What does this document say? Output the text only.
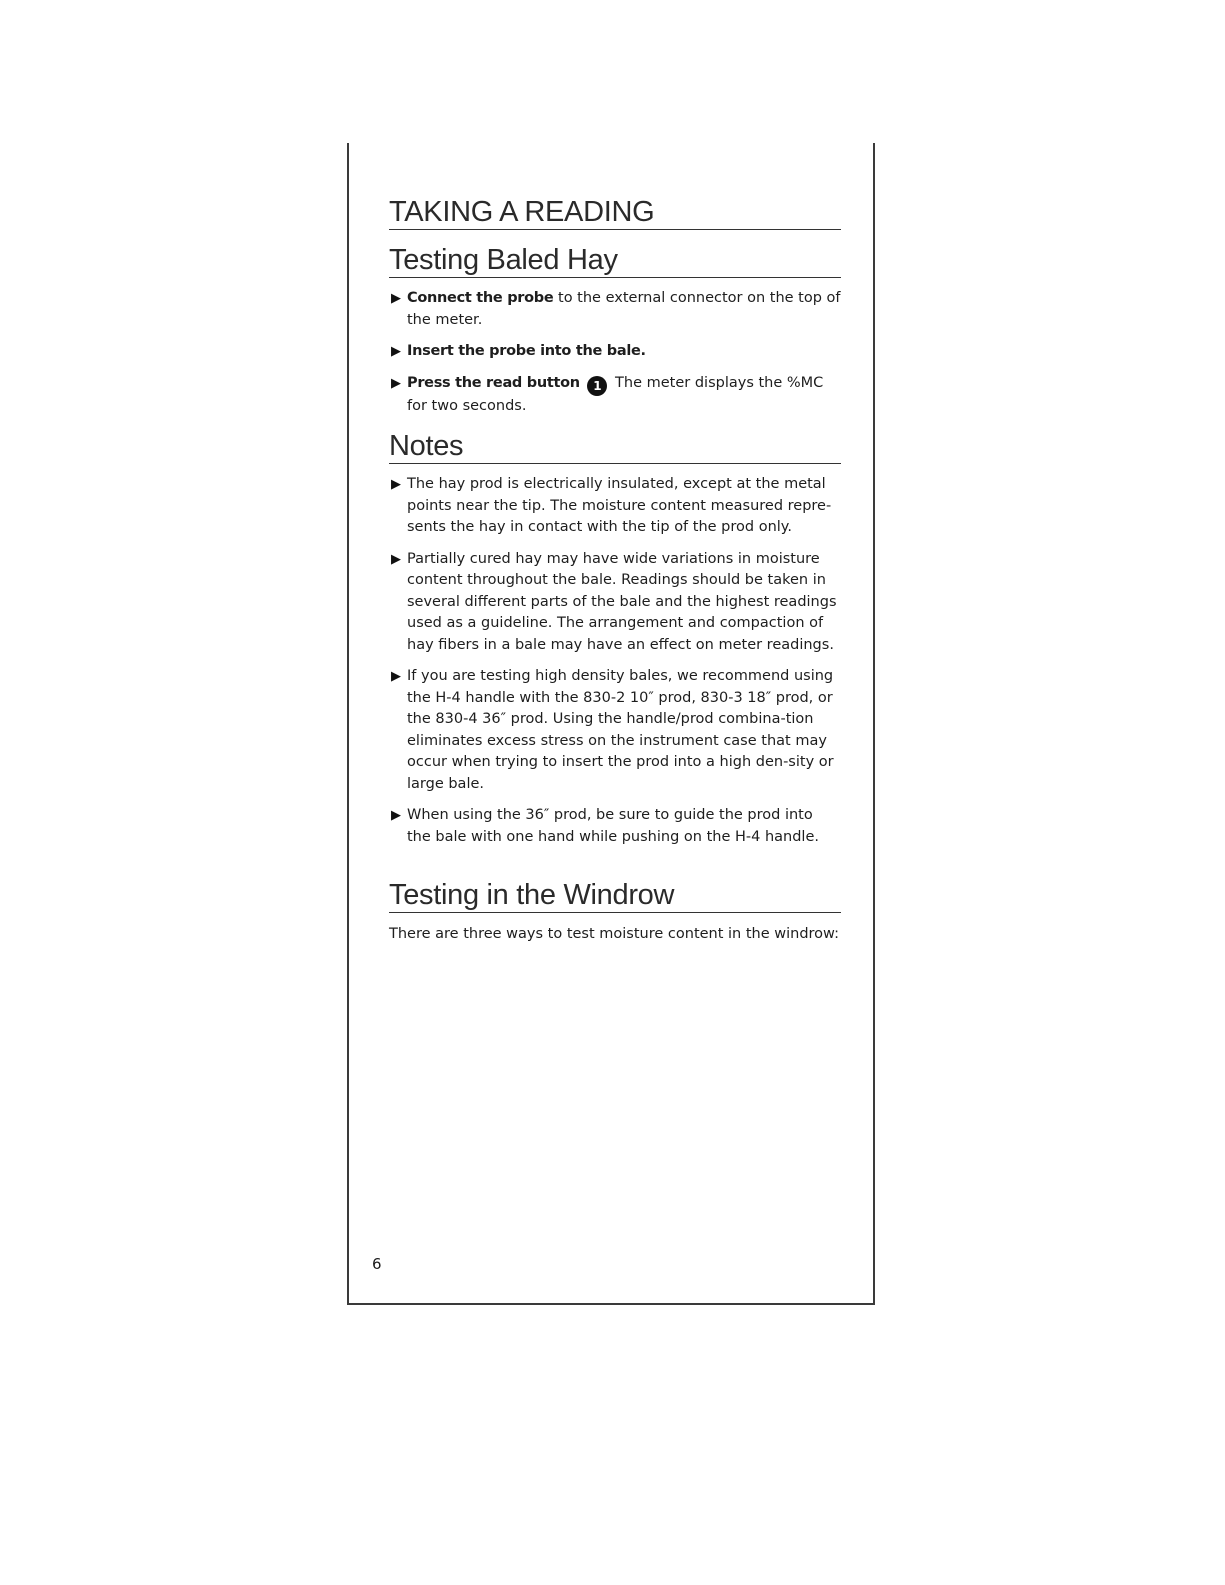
TAKING A READING
Testing Baled Hay
▶ Connect the probe to the external connector on the top of the meter.
▶ Insert the probe into the bale.
▶ Press the read button 1 The meter displays the %MC for two seconds.
Notes
▶ The hay prod is electrically insulated, except at the metal points near the tip. The moisture content measured repre-sents the hay in contact with the tip of the prod only.
▶ Partially cured hay may have wide variations in moisture content throughout the bale. Readings should be taken in several different parts of the bale and the highest readings used as a guideline. The arrangement and compaction of hay fibers in a bale may have an effect on meter readings.
▶ If you are testing high density bales, we recommend using the H-4 handle with the 830-2 10″ prod, 830-3 18″ prod, or the 830-4 36″ prod. Using the handle/prod combina-tion eliminates excess stress on the instrument case that may occur when trying to insert the prod into a high den-sity or large bale.
▶ When using the 36″ prod, be sure to guide the prod into the bale with one hand while pushing on the H-4 handle.
Testing in the Windrow

There are three ways to test moisture content in the windrow:

6
